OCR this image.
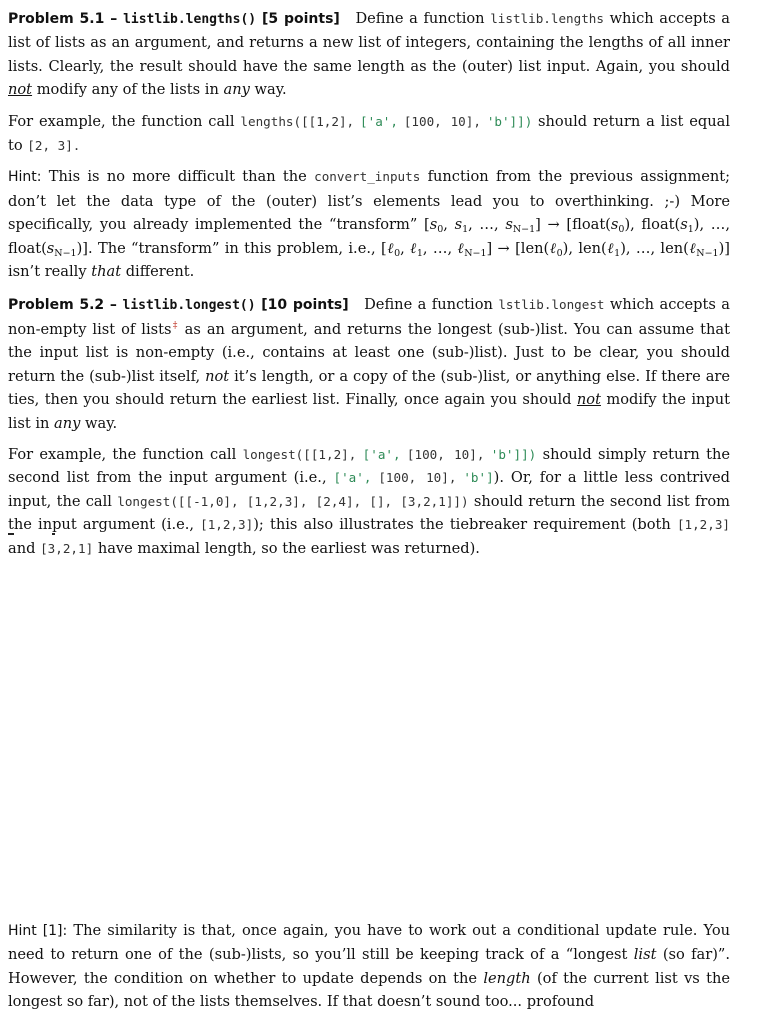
Problem 5.1 – listlib.lengths() [5 points] Define a function listlib.lengths which accepts a list of lists as an argument, and returns a new list of integers, containing the lengths of all inner lists. Clearly, the result should have the same length as the (outer) list input. Again, you should not modify any of the lists in any way.

For example, the function call lengths([[1,2], ['a', [100, 10], 'b']]) should return a list equal to [2, 3].

Hint: This is no more difficult than the convert_inputs function from the previous assignment; don’t let the data type of the (outer) list’s elements lead you to overthinking. ;-) More specifically, you already implemented the “transform” [$s_0$, $s_1$, …, $s_{N-1}$] → [$float(s_0)$, $float(s_1)$, …, $float(s_{N-1})$]. The “transform” in this problem, i.e., [ℓ$_0$, ℓ$_1$, …, ℓ$_{N-1}$] → [len(ℓ$_0$), len(ℓ$_1$), …, len(ℓ$_{N-1}$)] isn’t really that different.

Problem 5.2 – listlib.longest() [10 points] Define a function lstlib.longest which accepts a non-empty list of lists‡ as an argument, and returns the longest (sub-)list. You can assume that the input list is non-empty (i.e., contains at least one (sub-)list). Just to be clear, you should return the (sub-)list itself, not it’s length, or a copy of the (sub-)list, or anything else. If there are ties, then you should return the earliest list. Finally, once again you should not modify the input list in any way.

For example, the function call longest([[1,2], ['a', [100, 10], 'b']]) should simply return the second list from the input argument (i.e., ['a', [100, 10], 'b']). Or, for a little less contrived input, the call longest([[-1,0], [1,2,3], [2,4], [], [3,2,1]]) should return the second list from the input argument (i.e., [1,2,3]); this also illustrates the tiebreaker requirement (both [1,2,3] and [3,2,1] have maximal length, so the earliest was returned).

Hint [1]: The similarity is that, once again, you have to work out a conditional update rule. You need to return one of the (sub-)lists, so you’ll still be keeping track of a “longest list (so far)”. However, the condition on whether to update depends on the length (of the current list vs the longest so far), not of the lists themselves. If that doesn’t sound too... profound
